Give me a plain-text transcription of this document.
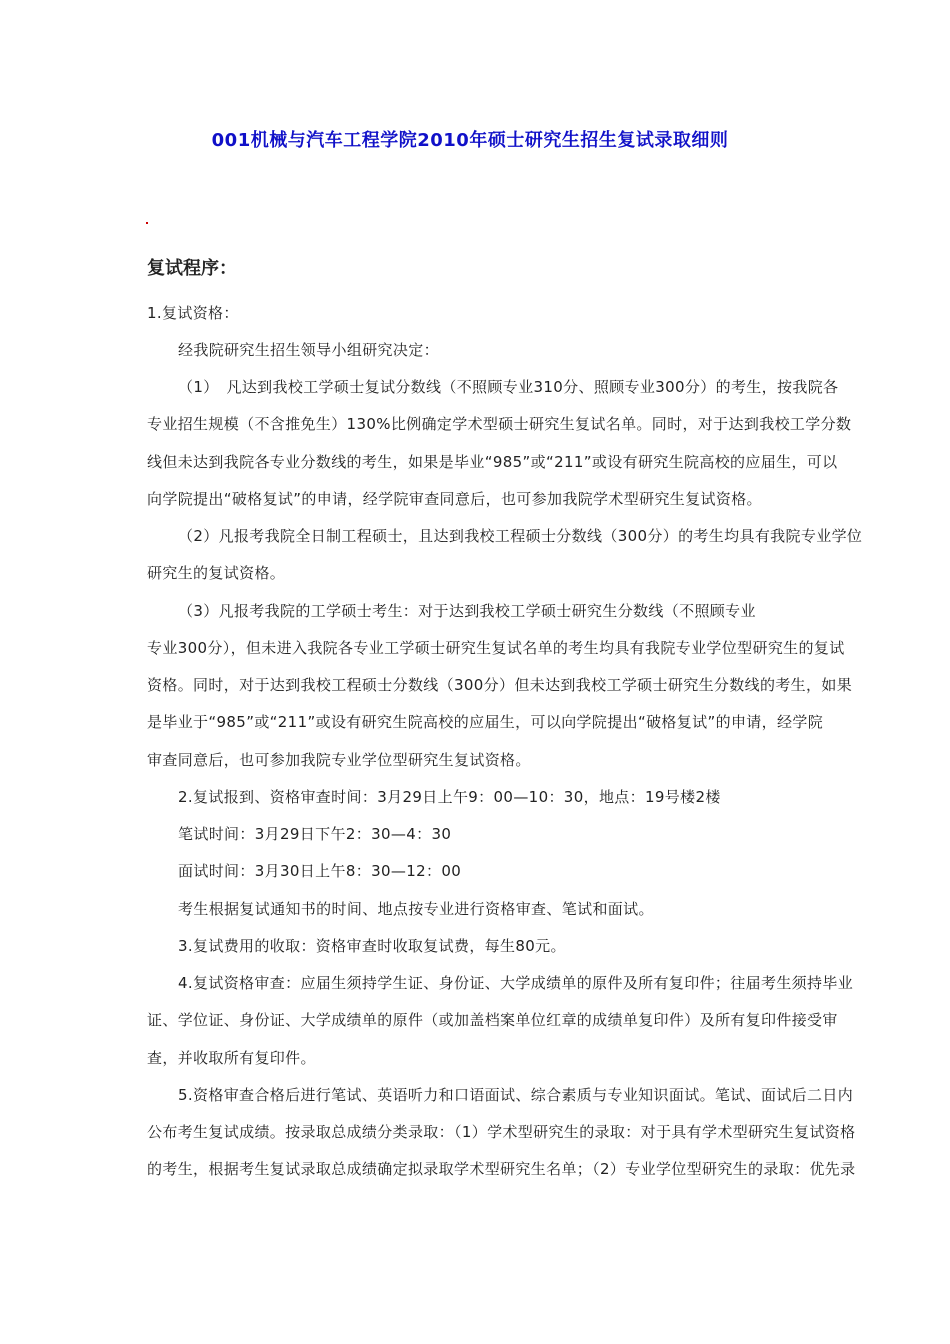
001机械与汽车工程学院2010年硕士研究生招生复试录取细则
复试程序：
1.复试资格：
经我院研究生招生领导小组研究决定：
（1）　凡达到我校工学硕士复试分数线（不照顾专业310分、照顾专业300分）的考生，按我院各
专业招生规模（不含推免生）130%比例确定学术型硕士研究生复试名单。同时，对于达到我校工学分数
线但未达到我院各专业分数线的考生，如果是毕业“985”或“211”或设有研究生院高校的应届生，可以
向学院提出“破格复试”的申请，经学院审查同意后，也可参加我院学术型研究生复试资格。
（2）凡报考我院全日制工程硕士，且达到我校工程硕士分数线（300分）的考生均具有我院专业学位
研究生的复试资格。
（3）凡报考我院的工学硕士考生：对于达到我校工学硕士研究生分数线（不照顾专业
专业300分），但未进入我院各专业工学硕士研究生复试名单的考生均具有我院专业学位型研究生的复试
资格。同时，对于达到我校工程硕士分数线（300分）但未达到我校工学硕士研究生分数线的考生，如果
是毕业于“985”或“211”或设有研究生院高校的应届生，可以向学院提出“破格复试”的申请，经学院
审查同意后，也可参加我院专业学位型研究生复试资格。
2.复试报到、资格审查时间：3月29日上午9：00—10：30，地点：19号楼2楼
笔试时间：3月29日下午2：30—4：30
面试时间：3月30日上午8：30—12：00
考生根据复试通知书的时间、地点按专业进行资格审查、笔试和面试。
3.复试费用的收取：资格审查时收取复试费，每生80元。
4.复试资格审查：应届生须持学生证、身份证、大学成绩单的原件及所有复印件；往届考生须持毕业
证、学位证、身份证、大学成绩单的原件（或加盖档案单位红章的成绩单复印件）及所有复印件接受审
查，并收取所有复印件。
5.资格审查合格后进行笔试、英语听力和口语面试、综合素质与专业知识面试。笔试、面试后二日内
公布考生复试成绩。按录取总成绩分类录取：（1）学术型研究生的录取：对于具有学术型研究生复试资格
的考生，根据考生复试录取总成绩确定拟录取学术型研究生名单；（2）专业学位型研究生的录取：优先录
